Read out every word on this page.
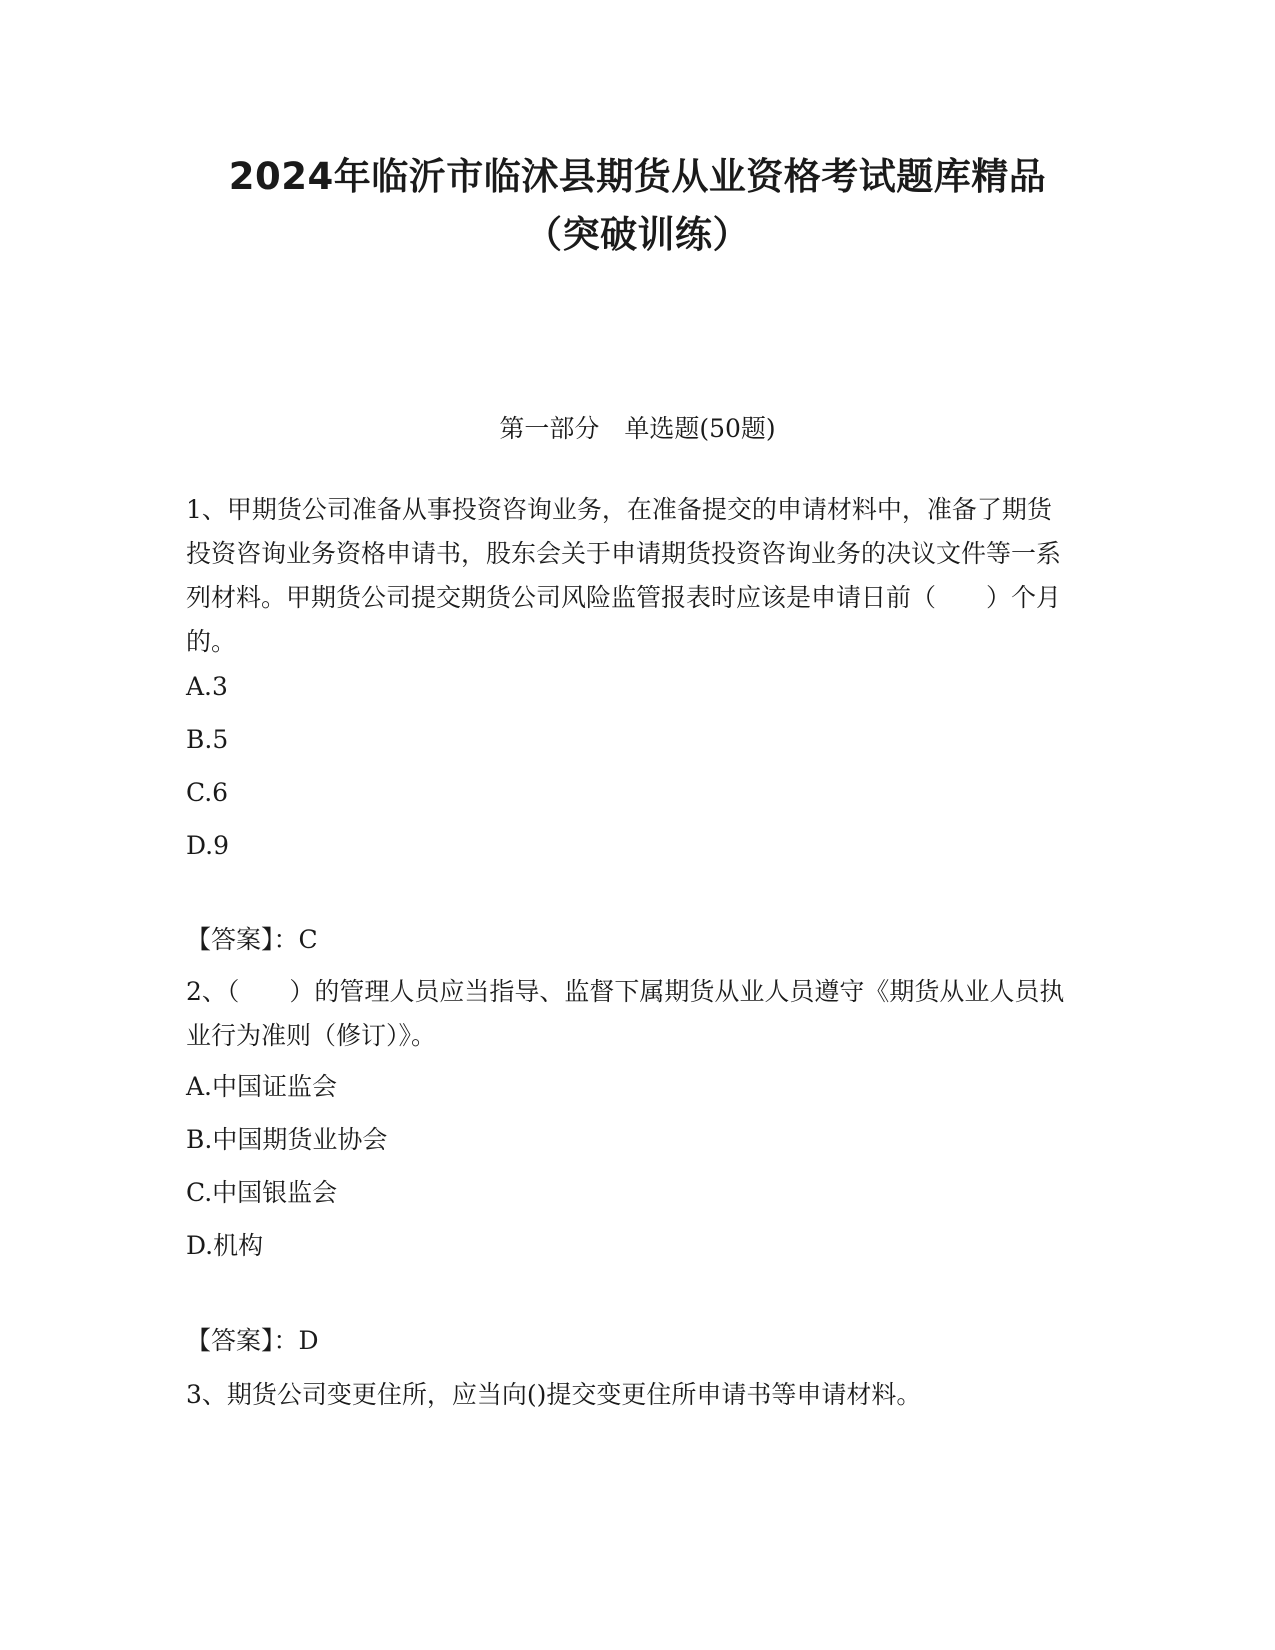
2024年临沂市临沭县期货从业资格考试题库精品
（突破训练）
第一部分　单选题(50题)

1、甲期货公司准备从事投资咨询业务，在准备提交的申请材料中，准备了期货投资咨询业务资格申请书，股东会关于申请期货投资咨询业务的决议文件等一系列材料。甲期货公司提交期货公司风险监管报表时应该是申请日前（　　）个月的。

A.3

B.5

C.6

D.9

【答案】：C

2、（　　）的管理人员应当指导、监督下属期货从业人员遵守《期货从业人员执业行为准则（修订）》。

A.中国证监会

B.中国期货业协会

C.中国银监会

D.机构

【答案】：D

3、期货公司变更住所，应当向()提交变更住所申请书等申请材料。
